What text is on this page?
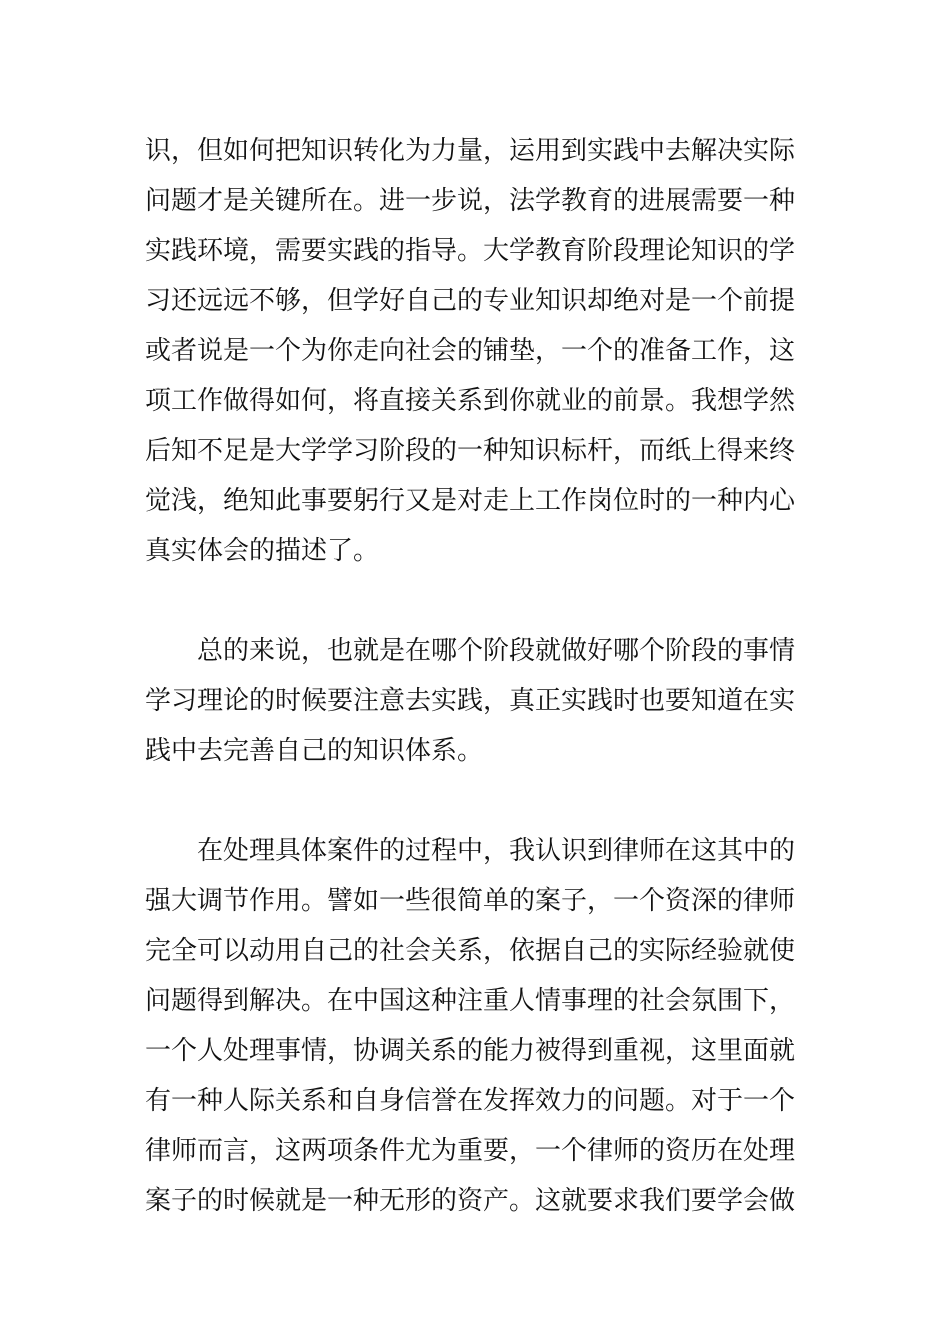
识，但如何把知识转化为力量，运用到实践中去解决实际
问题才是关键所在。进一步说，法学教育的进展需要一种
实践环境，需要实践的指导。大学教育阶段理论知识的学
习还远远不够，但学好自己的专业知识却绝对是一个前提
或者说是一个为你走向社会的铺垫，一个的准备工作，这
项工作做得如何，将直接关系到你就业的前景。我想学然
后知不足是大学学习阶段的一种知识标杆，而纸上得来终
觉浅，绝知此事要躬行又是对走上工作岗位时的一种内心
真实体会的描述了。
总的来说，也就是在哪个阶段就做好哪个阶段的事情
学习理论的时候要注意去实践，真正实践时也要知道在实
践中去完善自己的知识体系。
在处理具体案件的过程中，我认识到律师在这其中的
强大调节作用。譬如一些很简单的案子，一个资深的律师
完全可以动用自己的社会关系，依据自己的实际经验就使
问题得到解决。在中国这种注重人情事理的社会氛围下，
一个人处理事情，协调关系的能力被得到重视，这里面就
有一种人际关系和自身信誉在发挥效力的问题。对于一个
律师而言，这两项条件尤为重要，一个律师的资历在处理
案子的时候就是一种无形的资产。这就要求我们要学会做
